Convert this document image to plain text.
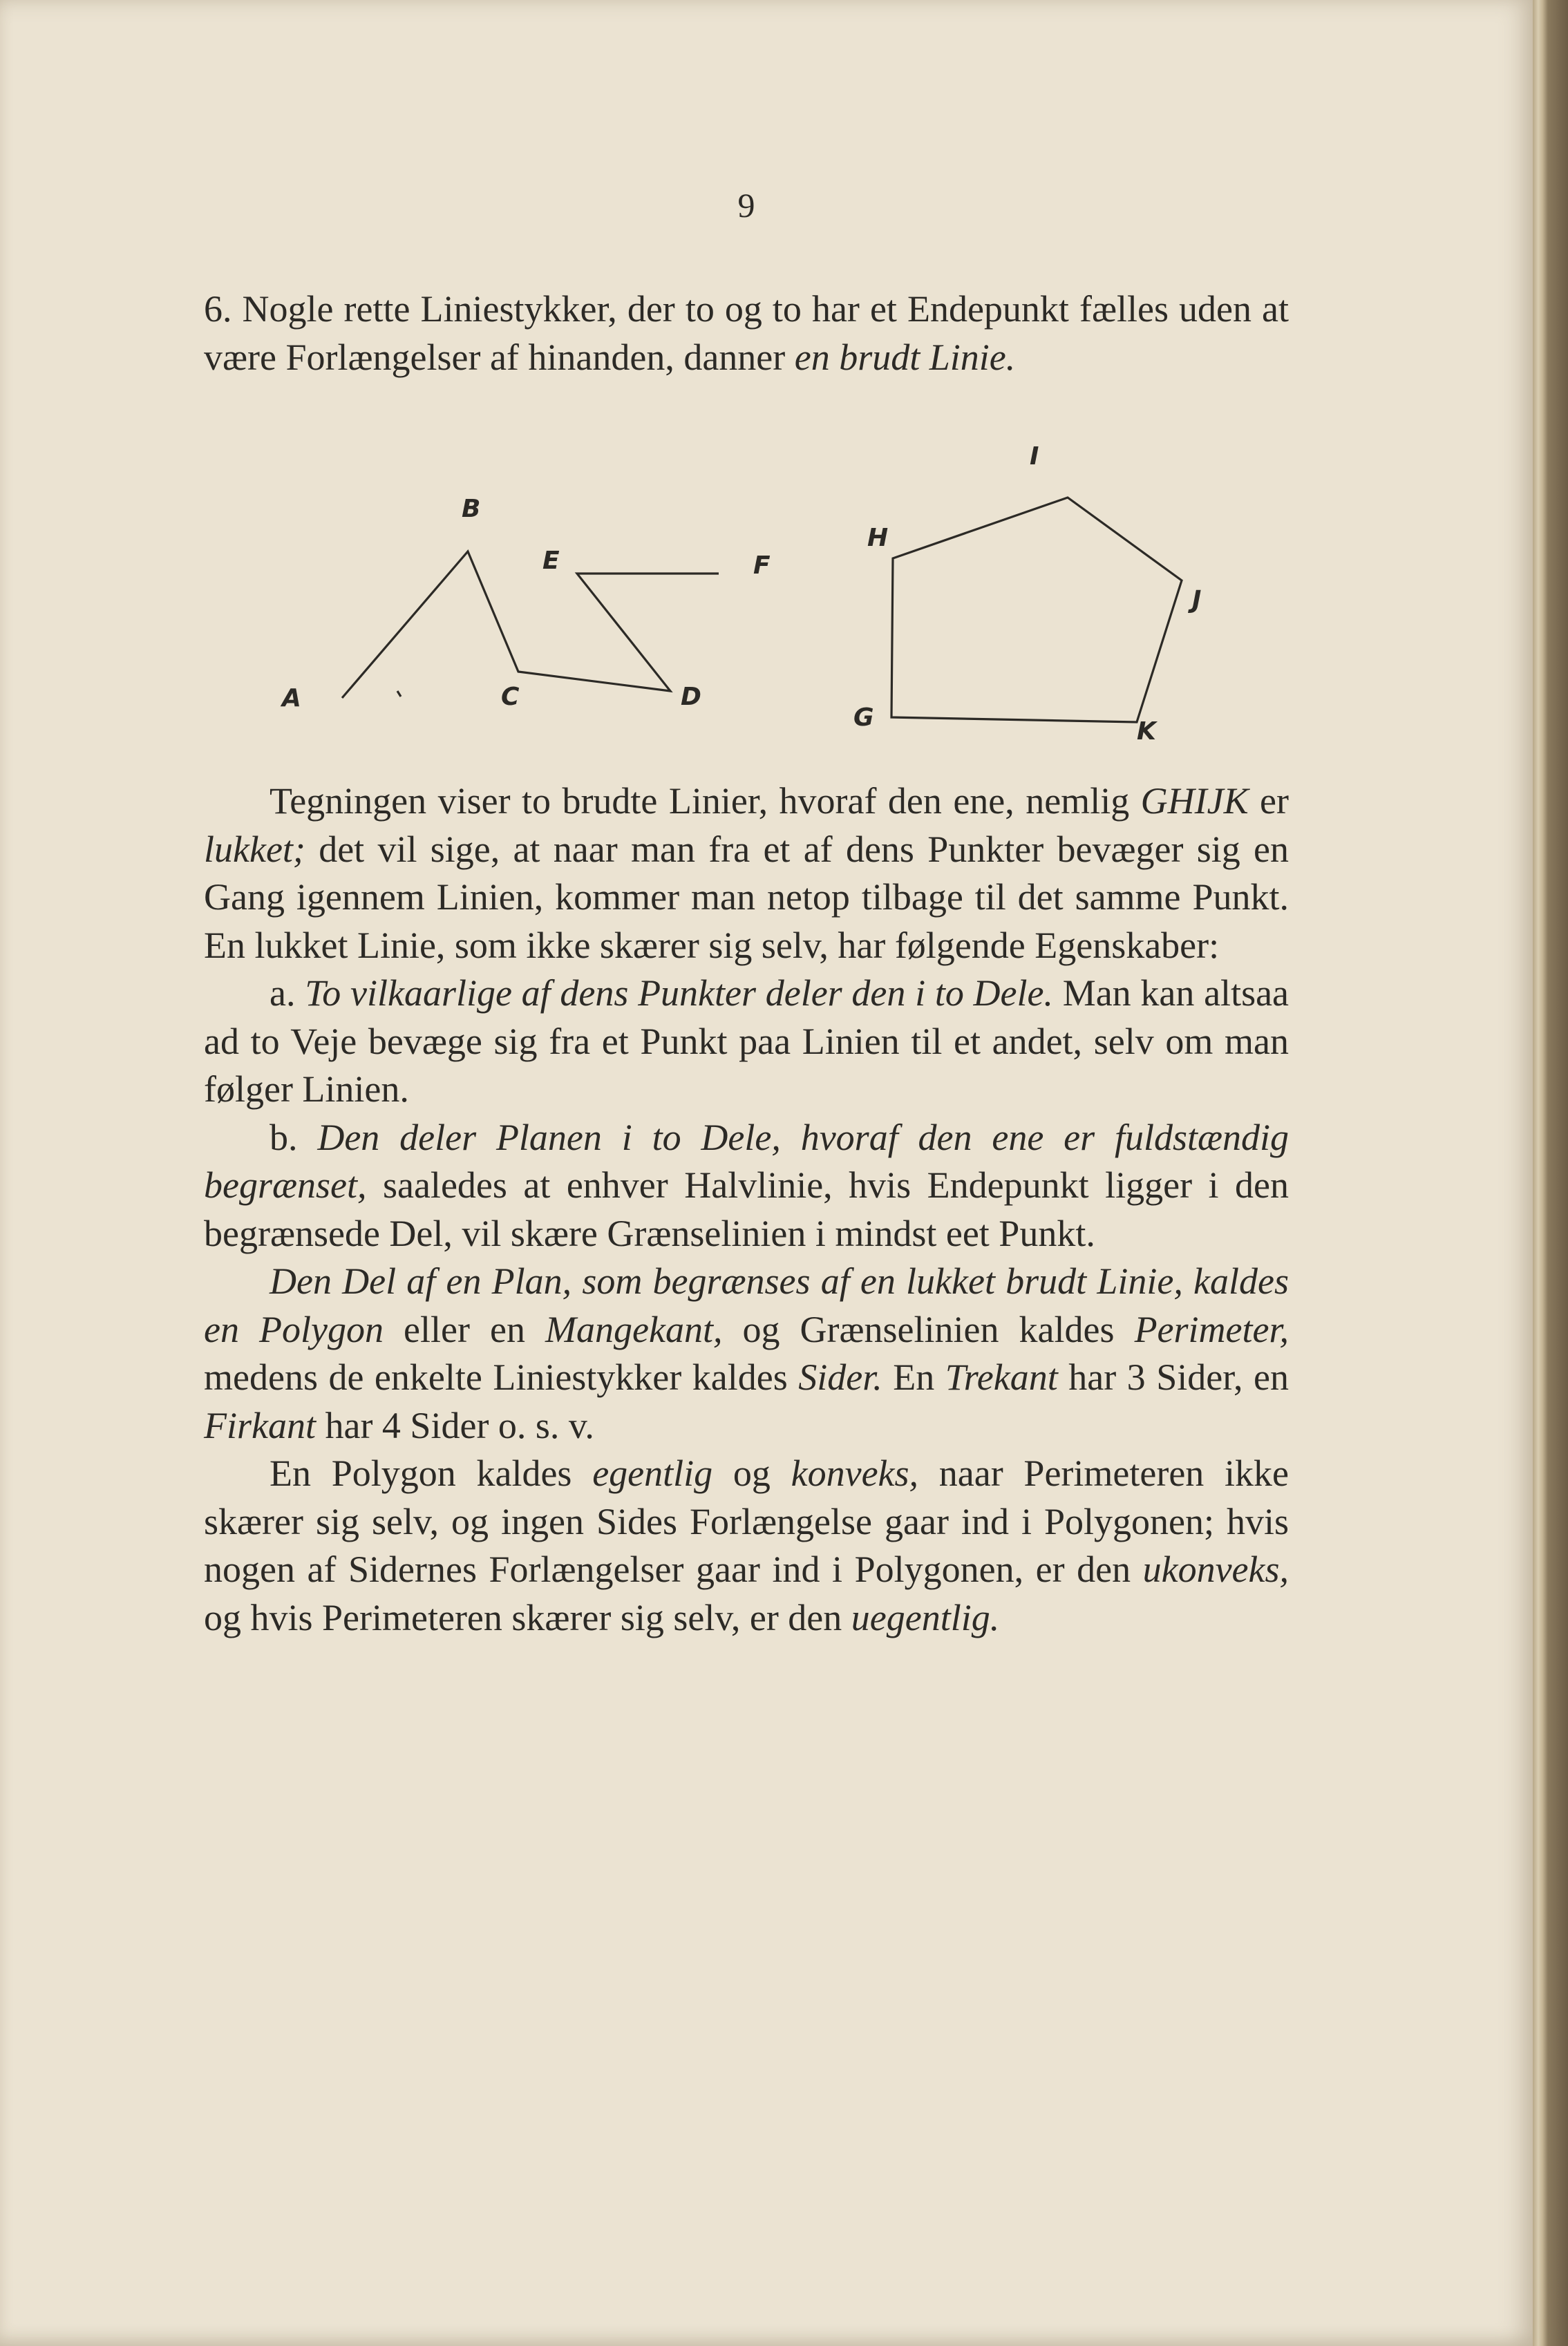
9

6. Nogle rette Liniestykker, der to og to har et Endepunkt fælles uden at være Forlængelser af hinanden, danner en brudt Linie.

A
B
C	D
E	F
G
H
I
J
K

Tegningen viser to brudte Linier, hvoraf den ene, nemlig GHIJK er lukket; det vil sige, at naar man fra et af dens Punkter bevæger sig en Gang igennem Linien, kommer man netop tilbage til det samme Punkt. En lukket Linie, som ikke skærer sig selv, har følgende Egenskaber:

a. To vilkaarlige af dens Punkter deler den i to Dele. Man kan altsaa ad to Veje bevæge sig fra et Punkt paa Linien til et andet, selv om man følger Linien.

b. Den deler Planen i to Dele, hvoraf den ene er fuldstændig begrænset, saaledes at enhver Halvlinie, hvis Endepunkt ligger i den begrænsede Del, vil skære Grænselinien i mindst eet Punkt.

Den Del af en Plan, som begrænses af en lukket brudt Linie, kaldes en Polygon eller en Mangekant, og Grænselinien kaldes Perimeter, medens de enkelte Liniestykker kaldes Sider. En Trekant har 3 Sider, en Firkant har 4 Sider o. s. v.

En Polygon kaldes egentlig og konveks, naar Perimeteren ikke skærer sig selv, og ingen Sides Forlængelse gaar ind i Polygonen; hvis nogen af Sidernes Forlængelser gaar ind i Polygonen, er den ukonveks, og hvis Perimeteren skærer sig selv, er den uegentlig.
